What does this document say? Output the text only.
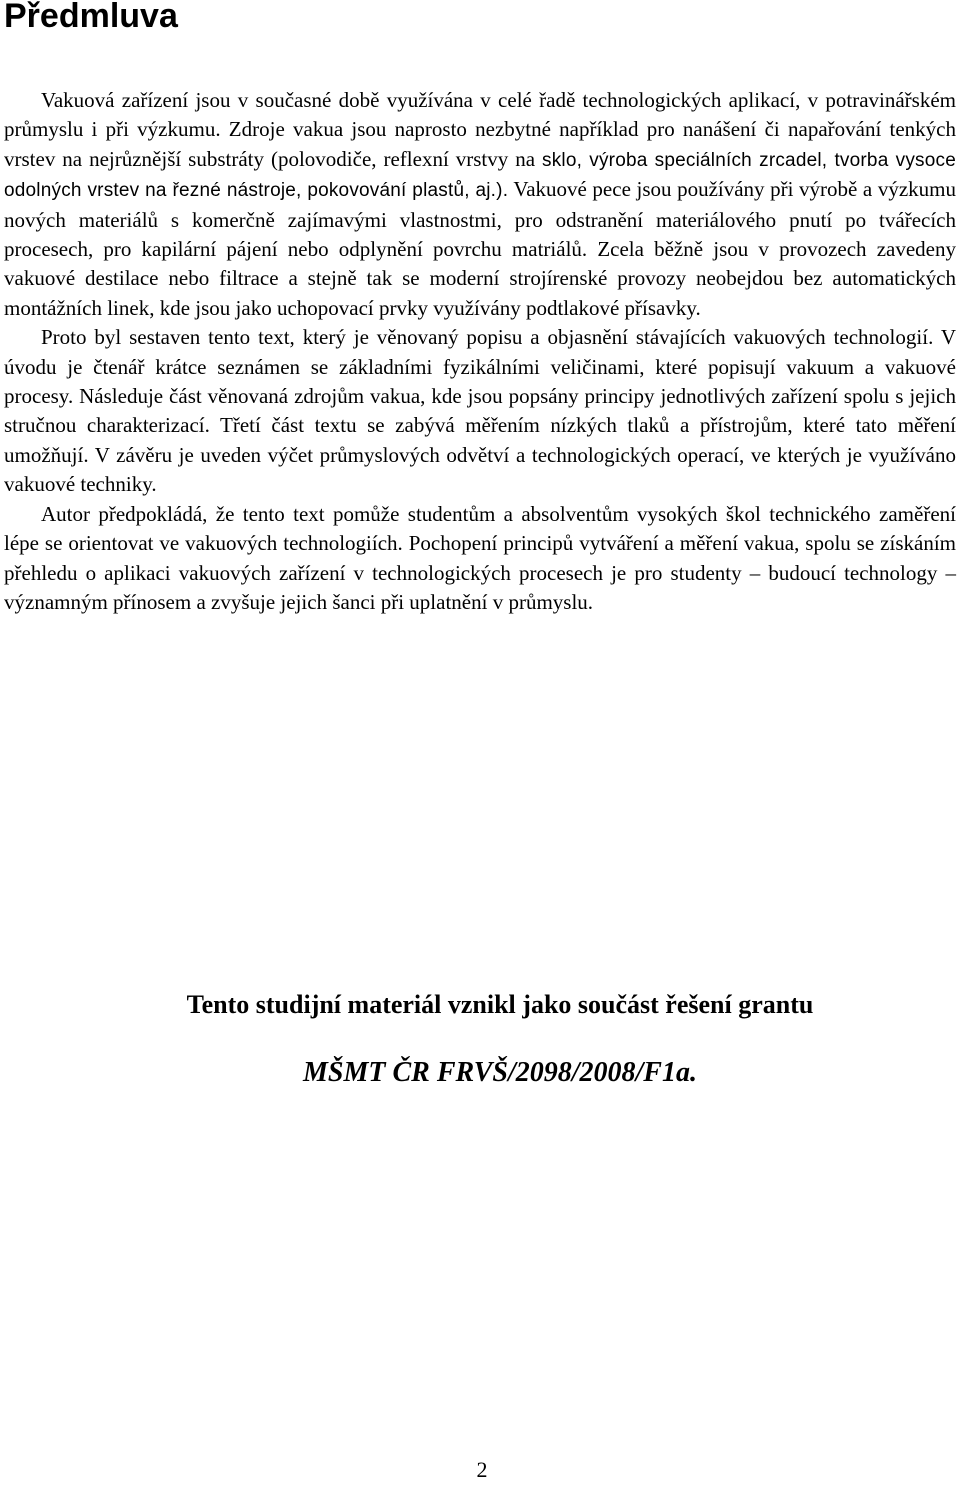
Předmluva

Vakuová zařízení jsou v současné době využívána v celé řadě technologických aplikací, v potravinářském průmyslu i při výzkumu. Zdroje vakua jsou naprosto nezbytné například pro nanášení či napařování tenkých vrstev na nejrůznější substráty (polovodiče, reflexní vrstvy na sklo, výroba speciálních zrcadel, tvorba vysoce odolných vrstev na řezné nástroje, pokovování plastů, aj.). Vakuové pece jsou používány při výrobě a výzkumu nových materiálů s komerčně zajímavými vlastnostmi, pro odstranění materiálového pnutí po tvářecích procesech, pro kapilární pájení nebo odplynění povrchu matriálů. Zcela běžně jsou v provozech zavedeny vakuové destilace nebo filtrace a stejně tak se moderní strojírenské provozy neobejdou bez automatických montážních linek, kde jsou jako uchopovací prvky využívány podtlakové přísavky.

Proto byl sestaven tento text, který je věnovaný popisu a objasnění stávajících vakuových technologií. V úvodu je čtenář krátce seznámen se základními fyzikálními veličinami, které popisují vakuum a vakuové procesy. Následuje část věnovaná zdrojům vakua, kde jsou popsány principy jednotlivých zařízení spolu s jejich stručnou charakterizací. Třetí část textu se zabývá měřením nízkých tlaků a přístrojům, které tato měření umožňují. V závěru je uveden výčet průmyslových odvětví a technologických operací, ve kterých je využíváno vakuové techniky.

Autor předpokládá, že tento text pomůže studentům a absolventům vysokých škol technického zaměření lépe se orientovat ve vakuových technologiích. Pochopení principů vytváření a měření vakua, spolu se získáním přehledu o aplikaci vakuových zařízení v technologických procesech je pro studenty – budoucí technology – významným přínosem a zvyšuje jejich šanci při uplatnění v průmyslu.

Tento studijní materiál vznikl jako součást řešení grantu

MŠMT ČR FRVŠ/2098/2008/F1a.

2
